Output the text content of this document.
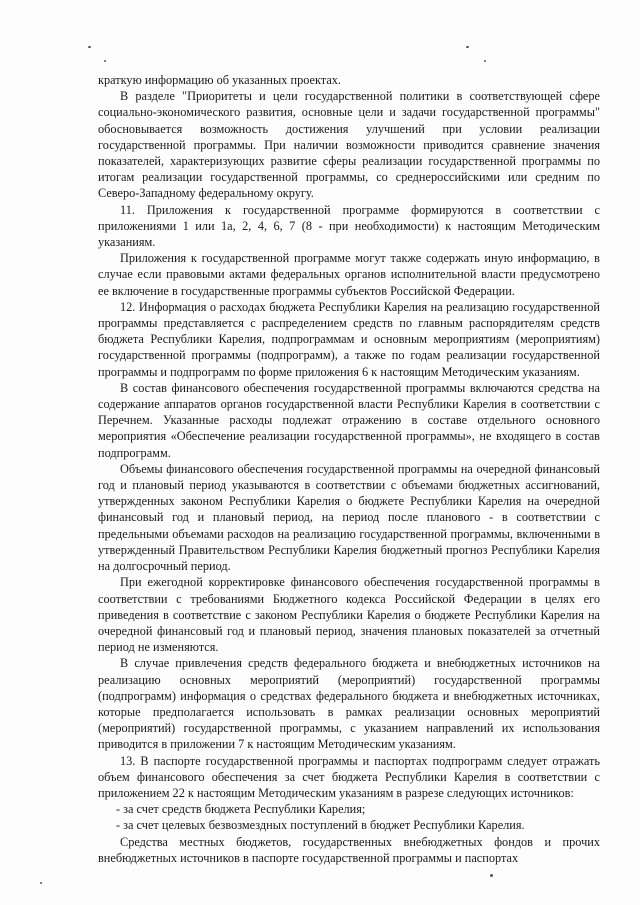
краткую информацию об указанных проектах.

В разделе "Приоритеты и цели государственной политики в соответствующей сфере социально-экономического развития, основные цели и задачи государственной программы" обосновывается возможность достижения улучшений при условии реализации государственной программы. При наличии возможности приводится сравнение значения показателей, характеризующих развитие сферы реализации государственной программы по итогам реализации государственной программы, со среднероссийскими или средним по Северо-Западному федеральному округу.

11. Приложения к государственной программе формируются в соответствии с приложениями 1 или 1а, 2, 4, 6, 7 (8 - при необходимости) к настоящим Методическим указаниям.

Приложения к государственной программе могут также содержать иную информацию, в случае если правовыми актами федеральных органов исполнительной власти предусмотрено ее включение в государственные программы субъектов Российской Федерации.

12. Информация о расходах бюджета Республики Карелия на реализацию государственной программы представляется с распределением средств по главным распорядителям средств бюджета Республики Карелия, подпрограммам и основным мероприятиям (мероприятиям) государственной программы (подпрограмм), а также по годам реализации государственной программы и подпрограмм по форме приложения 6 к настоящим Методическим указаниям.

В состав финансового обеспечения государственной программы включаются средства на содержание аппаратов органов государственной власти Республики Карелия в соответствии с Перечнем. Указанные расходы подлежат отражению в составе отдельного основного мероприятия «Обеспечение реализации государственной программы», не входящего в состав подпрограмм.

Объемы финансового обеспечения государственной программы на очередной финансовый год и плановый период указываются в соответствии с объемами бюджетных ассигнований, утвержденных законом Республики Карелия о бюджете Республики Карелия на очередной финансовый год и плановый период, на период после планового - в соответствии с предельными объемами расходов на реализацию государственной программы, включенными в утвержденный Правительством Республики Карелия бюджетный прогноз Республики Карелия на долгосрочный период.

При ежегодной корректировке финансового обеспечения государственной программы в соответствии с требованиями Бюджетного кодекса Российской Федерации в целях его приведения в соответствие с законом Республики Карелия о бюджете Республики Карелия на очередной финансовый год и плановый период, значения плановых показателей за отчетный период не изменяются.

В случае привлечения средств федерального бюджета и внебюджетных источников на реализацию основных мероприятий (мероприятий) государственной программы (подпрограмм) информация о средствах федерального бюджета и внебюджетных источниках, которые предполагается использовать в рамках реализации основных мероприятий (мероприятий) государственной программы, с указанием направлений их использования приводится в приложении 7 к настоящим Методическим указаниям.

13. В паспорте государственной программы и паспортах подпрограмм следует отражать объем финансового обеспечения за счет бюджета Республики Карелия в соответствии с приложением 22 к настоящим Методическим указаниям в разрезе следующих источников:

- за счет средств бюджета Республики Карелия;

- за счет целевых безвозмездных поступлений в бюджет Республики Карелия.

Средства местных бюджетов, государственных внебюджетных фондов и прочих внебюджетных источников в паспорте государственной программы и паспортах
